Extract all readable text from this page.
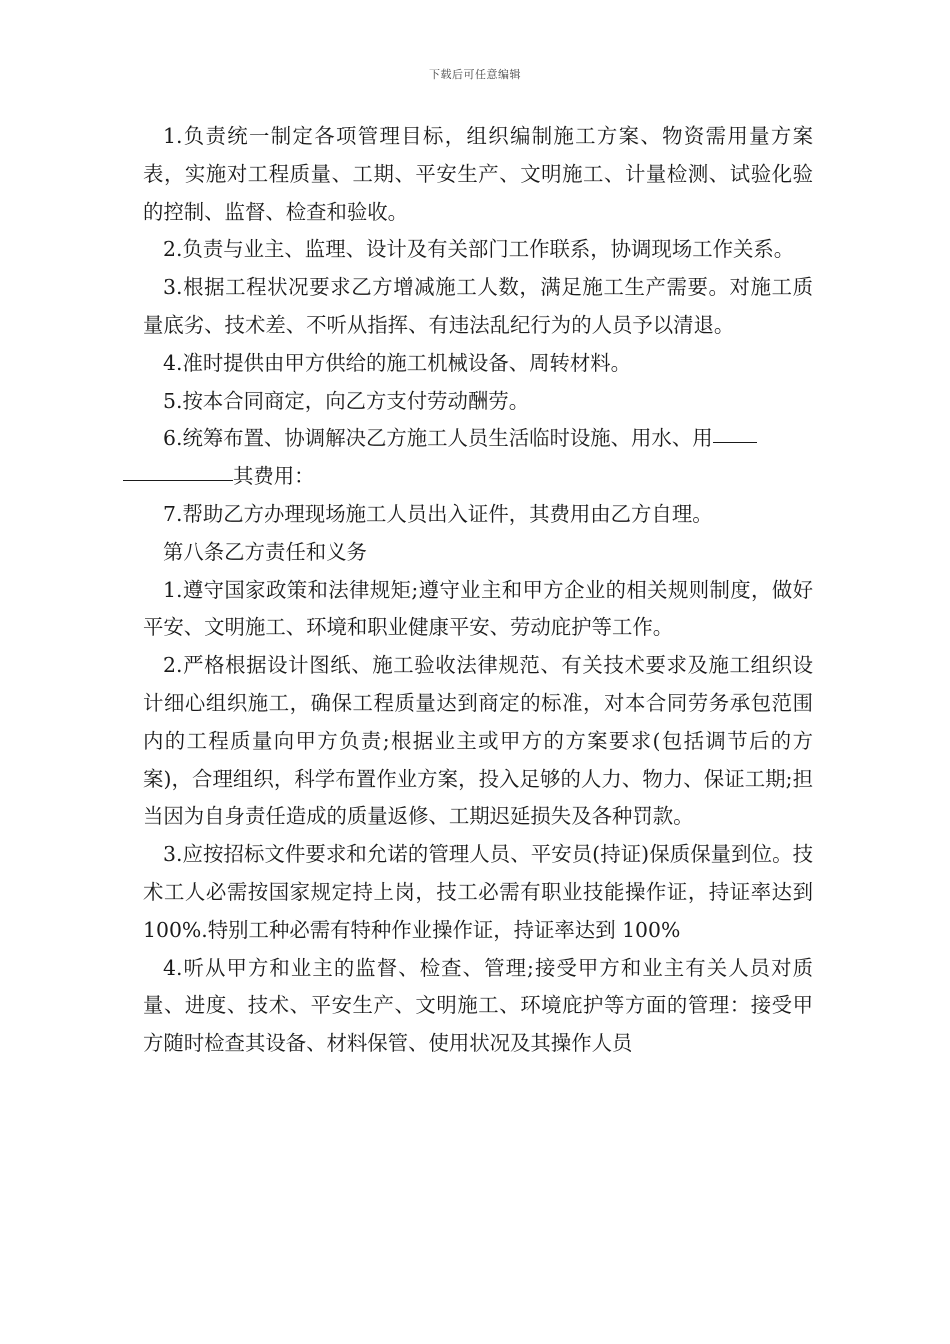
下载后可任意编辑

1.负责统一制定各项管理目标，组织编制施工方案、物资需用量方案表，实施对工程质量、工期、平安生产、文明施工、计量检测、试验化验的控制、监督、检查和验收。

2.负责与业主、监理、设计及有关部门工作联系，协调现场工作关系。

3.根据工程状况要求乙方增减施工人数，满足施工生产需要。对施工质量底劣、技术差、不听从指挥、有违法乱纪行为的人员予以清退。

4.准时提供由甲方供给的施工机械设备、周转材料。

5.按本合同商定，向乙方支付劳动酬劳。

6.统筹布置、协调解决乙方施工人员生活临时设施、用水、用
其费用：

7.帮助乙方办理现场施工人员出入证件，其费用由乙方自理。

第八条乙方责任和义务

1.遵守国家政策和法律规矩;遵守业主和甲方企业的相关规则制度，做好平安、文明施工、环境和职业健康平安、劳动庇护等工作。

2.严格根据设计图纸、施工验收法律规范、有关技术要求及施工组织设计细心组织施工，确保工程质量达到商定的标准，对本合同劳务承包范围内的工程质量向甲方负责;根据业主或甲方的方案要求(包括调节后的方案)，合理组织，科学布置作业方案，投入足够的人力、物力、保证工期;担当因为自身责任造成的质量返修、工期迟延损失及各种罚款。

3.应按招标文件要求和允诺的管理人员、平安员(持证)保质保量到位。技术工人必需按国家规定持上岗，技工必需有职业技能操作证，持证率达到 100%.特别工种必需有特种作业操作证，持证率达到 100%

4.听从甲方和业主的监督、检查、管理;接受甲方和业主有关人员对质量、进度、技术、平安生产、文明施工、环境庇护等方面的管理：接受甲方随时检查其设备、材料保管、使用状况及其操作人员
